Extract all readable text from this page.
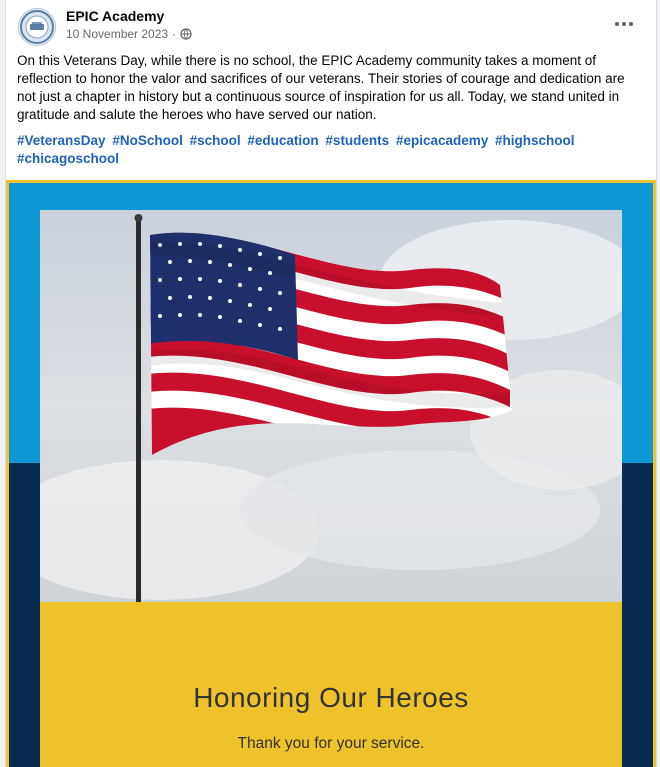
EPIC Academy
10 November 2023 ·
On this Veterans Day, while there is no school, the EPIC Academy community takes a moment of reflection to honor the valor and sacrifices of our veterans. Their stories of courage and dedication are not just a chapter in history but a continuous source of inspiration for us all. Today, we stand united in gratitude and salute the heroes who have served our nation.
#VeteransDay #NoSchool #school #education #students #epicacademy #highschool #chicagoschool
Honoring Our Heroes
Thank you for your service.
